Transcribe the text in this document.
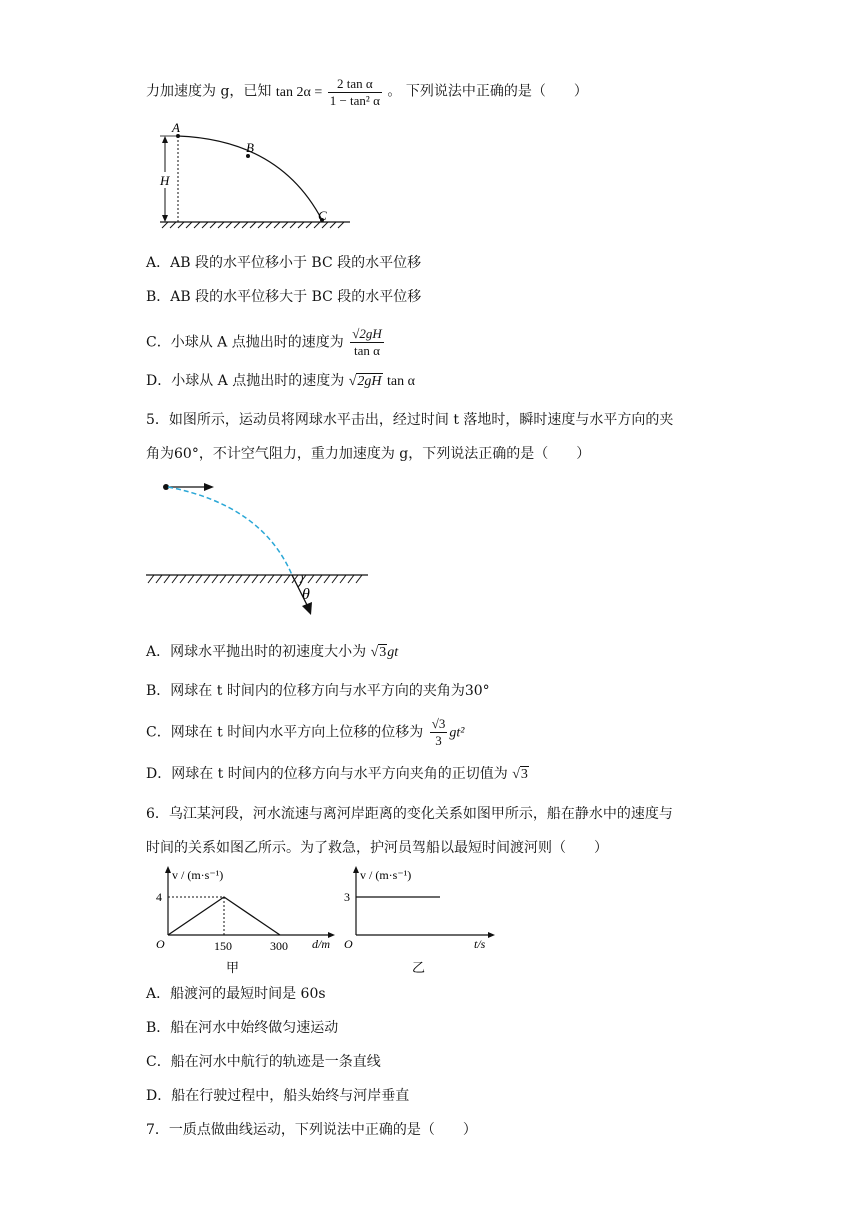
力加速度为 g，已知 $\tan 2\alpha = \frac{\text{2 tan α}}{\text{1 − tan² α}}$ 。 下列说法中正确的是（　　）
A
B
C
H
A．AB 段的水平位移小于 BC 段的水平位移
B．AB 段的水平位移大于 BC 段的水平位移
C．小球从 A 点抛出时的速度为 $\frac{√2gH}{\text{tan α}}$
D．小球从 A 点抛出时的速度为 √2gH tan α
5．如图所示，运动员将网球水平击出，经过时间 t 落地时，瞬时速度与水平方向的夹
角为60°，不计空气阻力，重力加速度为 g，下列说法正确的是（　　）
θ
A．网球水平抛出时的初速度大小为 √3gt
B．网球在 t 时间内的位移方向与水平方向的夹角为30°
C．网球在 t 时间内水平方向上位移的位移为 $\frac{√3}{3} gt^2$
D．网球在 t 时间内的位移方向与水平方向夹角的正切值为 √3
6．乌江某河段，河水流速与离河岸距离的变化关系如图甲所示，船在静水中的速度与
时间的关系如图乙所示。为了救急，护河员驾船以最短时间渡河则（　　）
v / (m·s⁻¹)
d/m
O
4
150	300
甲
v / (m·s⁻¹)
t/s
O
3
乙
A．船渡河的最短时间是 60s
B．船在河水中始终做匀速运动
C．船在河水中航行的轨迹是一条直线
D．船在行驶过程中，船头始终与河岸垂直
7．一质点做曲线运动，下列说法中正确的是（　　）
